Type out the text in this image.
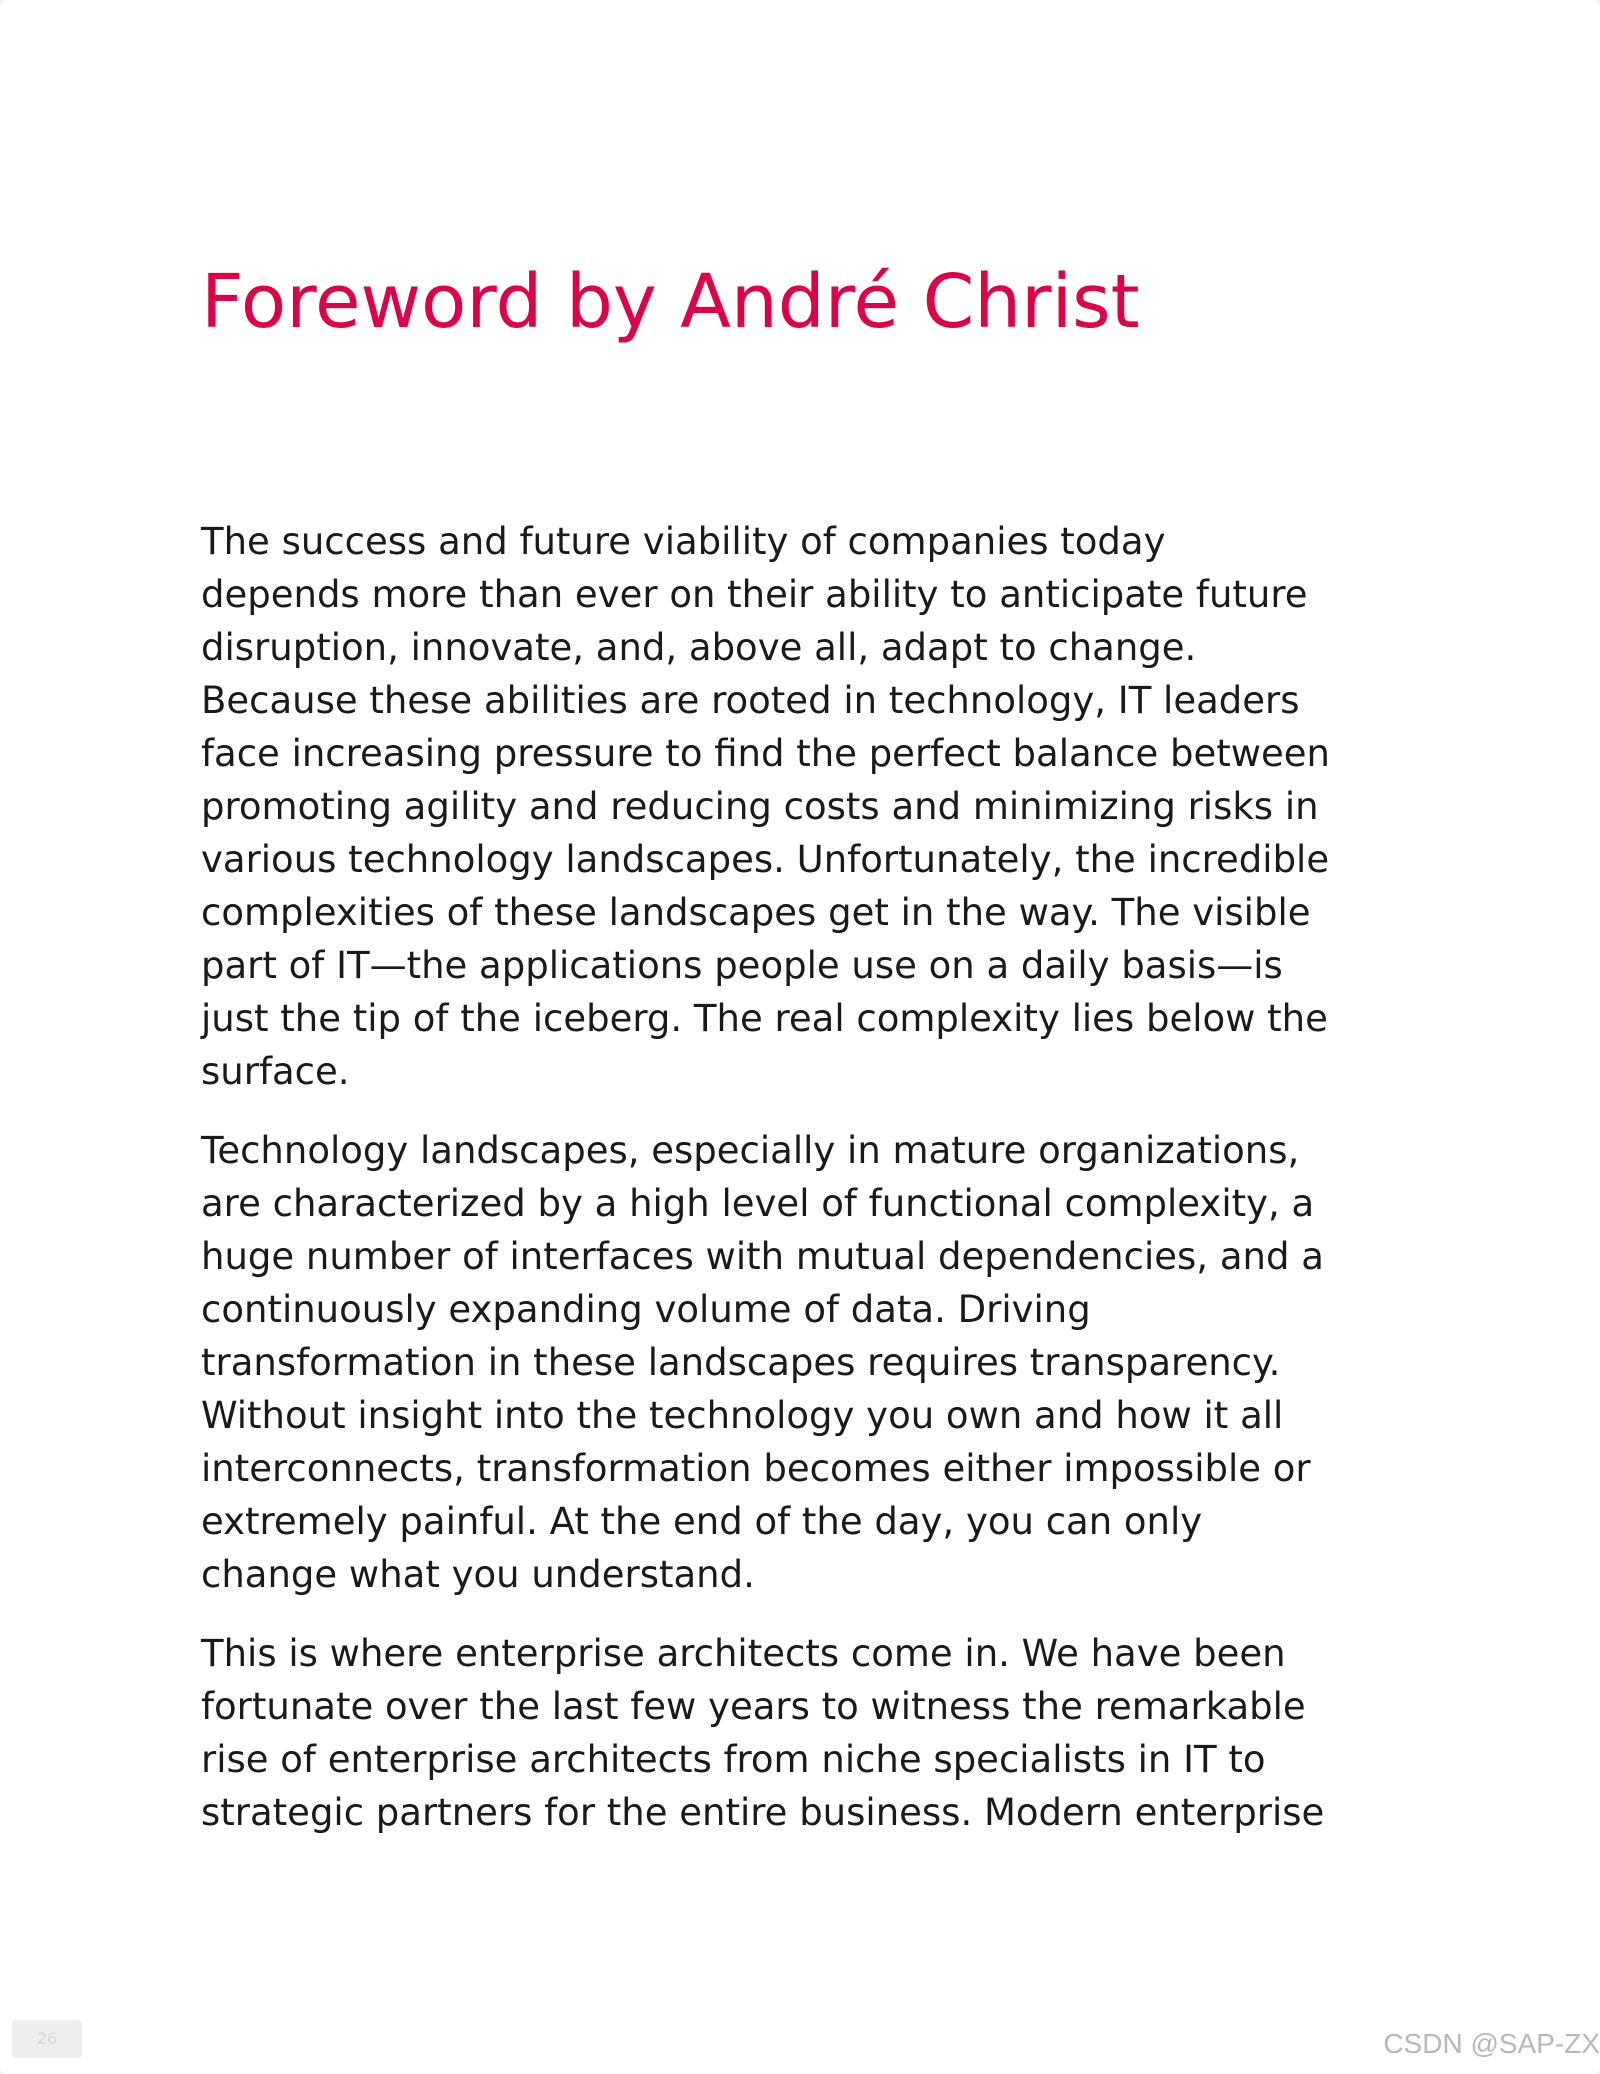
Foreword by André Christ

The success and future viability of companies today
depends more than ever on their ability to anticipate future
disruption, innovate, and, above all, adapt to change.
Because these abilities are rooted in technology, IT leaders
face increasing pressure to find the perfect balance between
promoting agility and reducing costs and minimizing risks in
various technology landscapes. Unfortunately, the incredible
complexities of these landscapes get in the way. The visible
part of IT—the applications people use on a daily basis—is
just the tip of the iceberg. The real complexity lies below the
surface.

Technology landscapes, especially in mature organizations,
are characterized by a high level of functional complexity, a
huge number of interfaces with mutual dependencies, and a
continuously expanding volume of data. Driving
transformation in these landscapes requires transparency.
Without insight into the technology you own and how it all
interconnects, transformation becomes either impossible or
extremely painful. At the end of the day, you can only
change what you understand.

This is where enterprise architects come in. We have been
fortunate over the last few years to witness the remarkable
rise of enterprise architects from niche specialists in IT to
strategic partners for the entire business. Modern enterprise

26	CSDN @SAP-ZX
